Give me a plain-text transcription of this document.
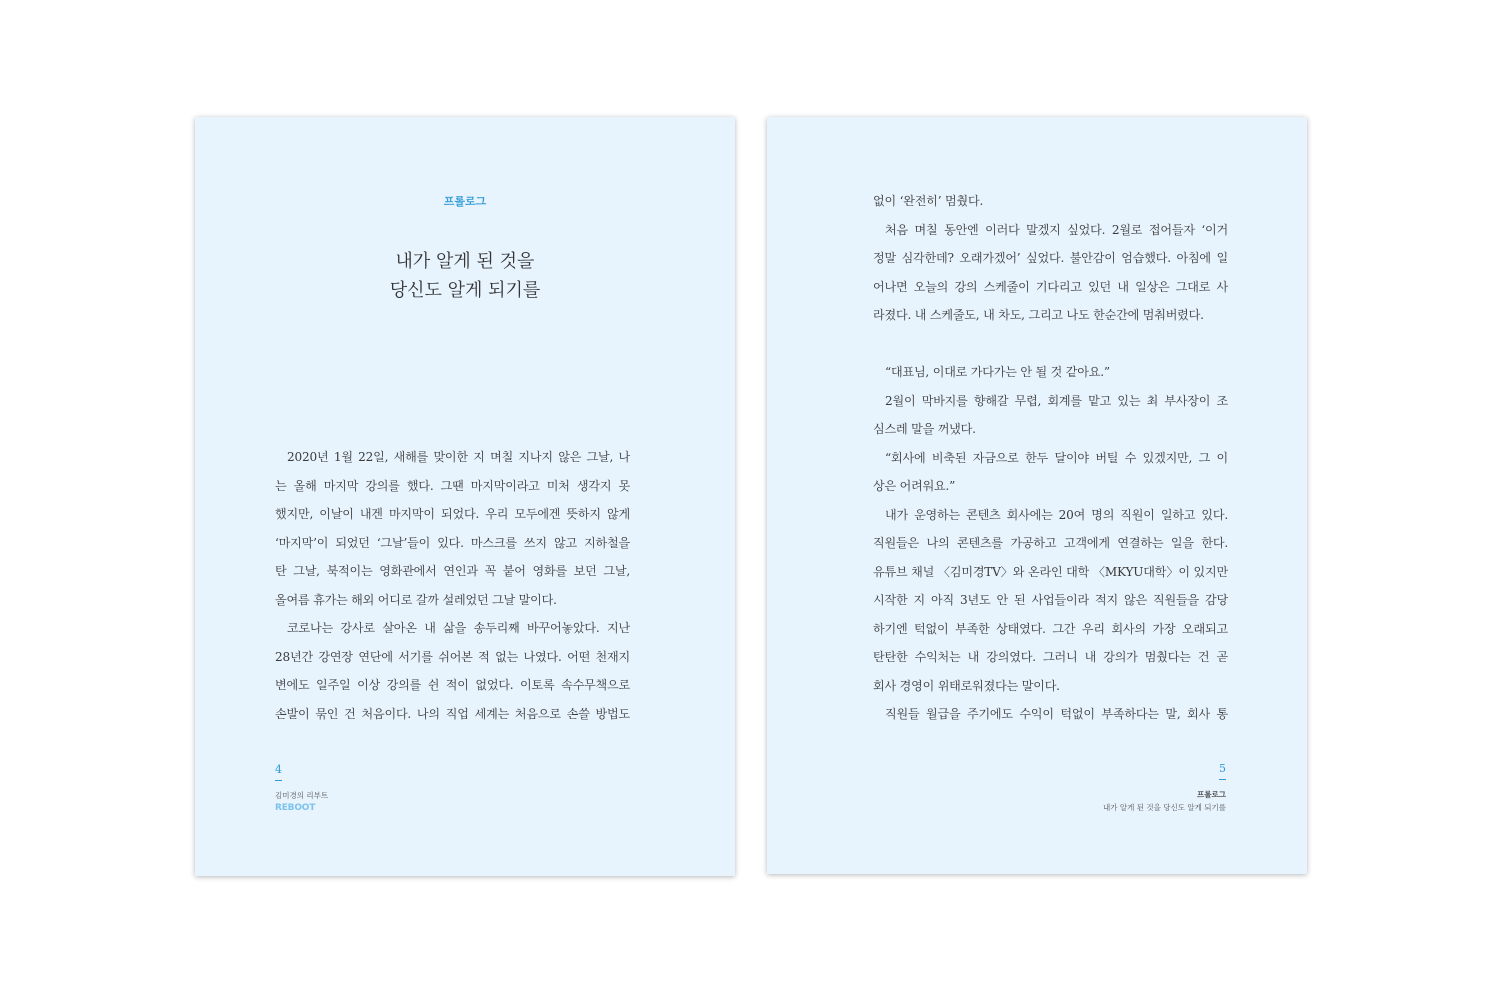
프롤로그
내가 알게 된 것을
당신도 알게 되기를
2020년 1월 22일, 새해를 맞이한 지 며칠 지나지 않은 그날, 나
는 올해 마지막 강의를 했다. 그땐 마지막이라고 미처 생각지 못
했지만, 이날이 내겐 마지막이 되었다. 우리 모두에겐 뜻하지 않게
‘마지막’이 되었던 ‘그날’들이 있다. 마스크를 쓰지 않고 지하철을
탄 그날, 북적이는 영화관에서 연인과 꼭 붙어 영화를 보던 그날,
올여름 휴가는 해외 어디로 갈까 설레었던 그날 말이다.
코로나는 강사로 살아온 내 삶을 송두리째 바꾸어놓았다. 지난
28년간 강연장 연단에 서기를 쉬어본 적 없는 나였다. 어떤 천재지
변에도 일주일 이상 강의를 쉰 적이 없었다. 이토록 속수무책으로
손발이 묶인 건 처음이다. 나의 직업 세계는 처음으로 손쓸 방법도
4
김미경의 리부트
REBOOT
없이 ‘완전히’ 멈췄다.
처음 며칠 동안엔 이러다 말겠지 싶었다. 2월로 접어들자 ‘이거
정말 심각한데? 오래가겠어’ 싶었다. 불안감이 엄습했다. 아침에 일
어나면 오늘의 강의 스케줄이 기다리고 있던 내 일상은 그대로 사
라졌다. 내 스케줄도, 내 차도, 그리고 나도 한순간에 멈춰버렸다.
“대표님, 이대로 가다가는 안 될 것 같아요.”
2월이 막바지를 향해갈 무렵, 회계를 맡고 있는 최 부사장이 조
심스레 말을 꺼냈다.
“회사에 비축된 자금으로 한두 달이야 버틸 수 있겠지만, 그 이
상은 어려워요.”
내가 운영하는 콘텐츠 회사에는 20여 명의 직원이 일하고 있다.
직원들은 나의 콘텐츠를 가공하고 고객에게 연결하는 일을 한다.
유튜브 채널 〈김미경TV〉와 온라인 대학 〈MKYU대학〉이 있지만
시작한 지 아직 3년도 안 된 사업들이라 적지 않은 직원들을 감당
하기엔 턱없이 부족한 상태였다. 그간 우리 회사의 가장 오래되고
탄탄한 수익처는 내 강의였다. 그러니 내 강의가 멈췄다는 건 곧
회사 경영이 위태로워졌다는 말이다.
직원들 월급을 주기에도 수익이 턱없이 부족하다는 말, 회사 통
5
프롤로그
내가 알게 된 것을 당신도 알게 되기를
